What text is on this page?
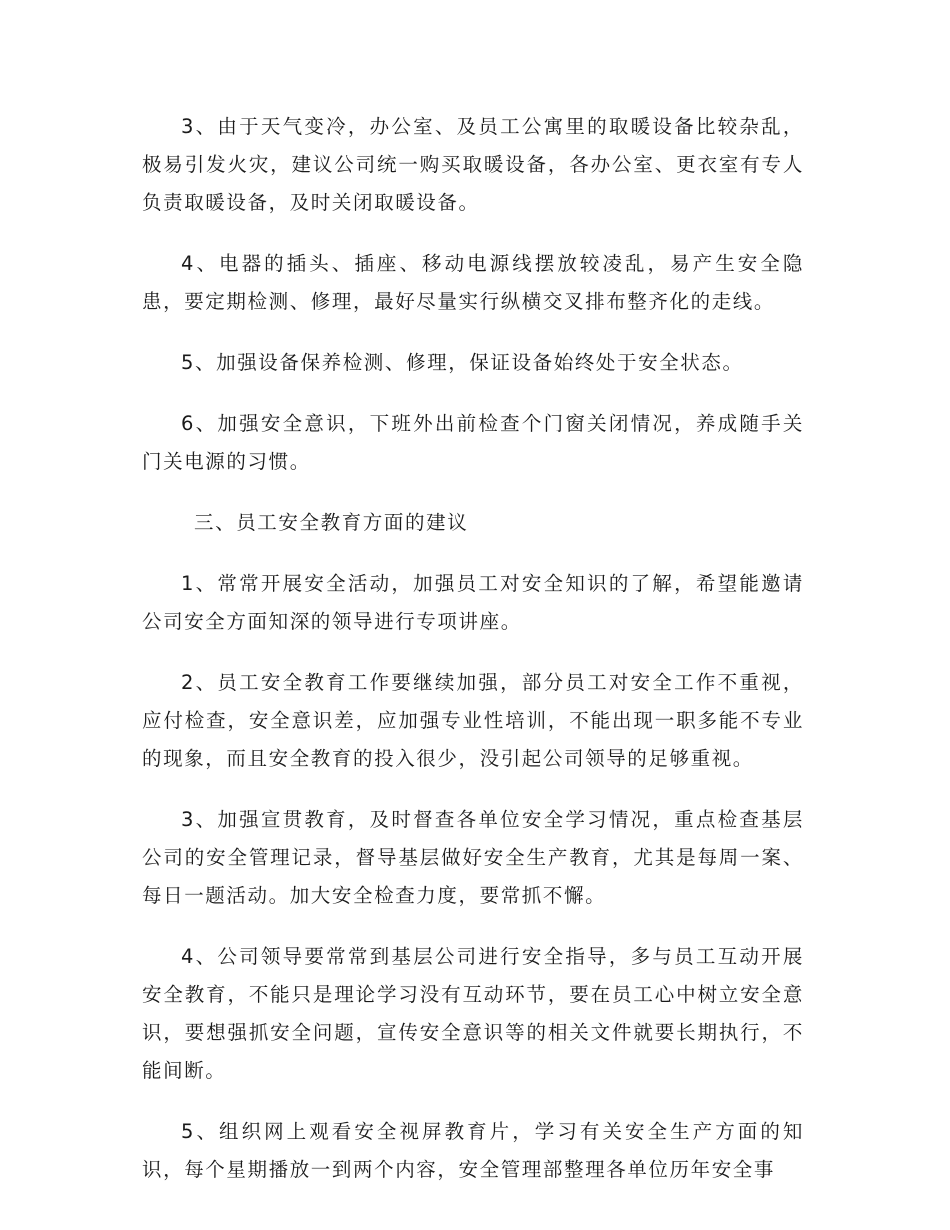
3、由于天气变冷，办公室、及员工公寓里的取暖设备比较杂乱，极易引发火灾，建议公司统一购买取暖设备，各办公室、更衣室有专人负责取暖设备，及时关闭取暖设备。

4、电器的插头、插座、移动电源线摆放较凌乱，易产生安全隐患，要定期检测、修理，最好尽量实行纵横交叉排布整齐化的走线。

5、加强设备保养检测、修理，保证设备始终处于安全状态。

6、加强安全意识，下班外出前检查个门窗关闭情况，养成随手关门关电源的习惯。

三、员工安全教育方面的建议

1、常常开展安全活动，加强员工对安全知识的了解，希望能邀请公司安全方面知深的领导进行专项讲座。

2、员工安全教育工作要继续加强，部分员工对安全工作不重视，应付检查，安全意识差，应加强专业性培训，不能出现一职多能不专业的现象，而且安全教育的投入很少，没引起公司领导的足够重视。

3、加强宣贯教育，及时督查各单位安全学习情况，重点检查基层公司的安全管理记录，督导基层做好安全生产教育，尤其是每周一案、每日一题活动。加大安全检查力度，要常抓不懈。

4、公司领导要常常到基层公司进行安全指导，多与员工互动开展安全教育，不能只是理论学习没有互动环节，要在员工心中树立安全意识，要想强抓安全问题，宣传安全意识等的相关文件就要长期执行，不能间断。

5、组织网上观看安全视屏教育片，学习有关安全生产方面的知识，每个星期播放一到两个内容，安全管理部整理各单位历年安全事
